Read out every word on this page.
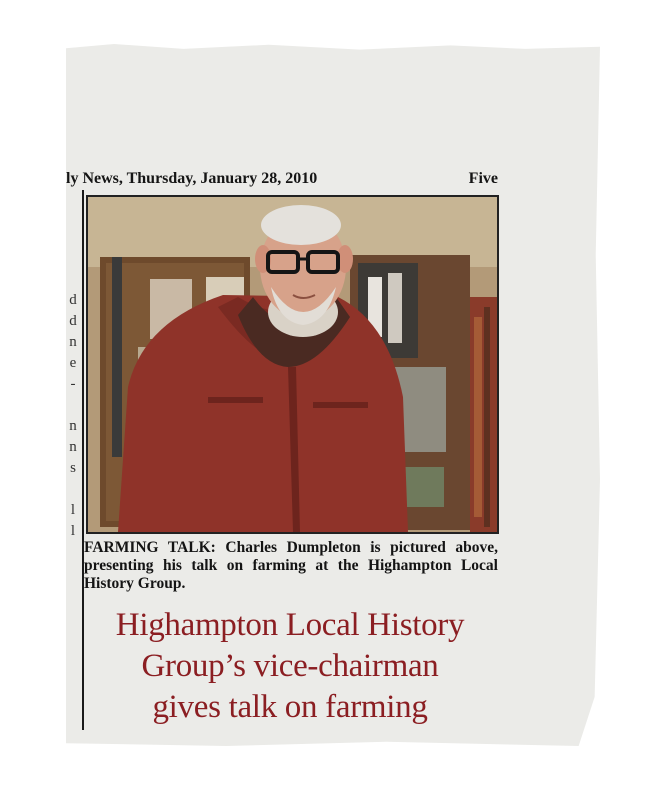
ly News, Thursday, January 28, 2010	Five
d
d
n
e
-
n
n
s
l
l
FARMING TALK: Charles Dumpleton is pictured above, presenting his talk on farming at the Highampton Local History Group.
Highampton Local History
Group’s vice-chairman
gives talk on farming
